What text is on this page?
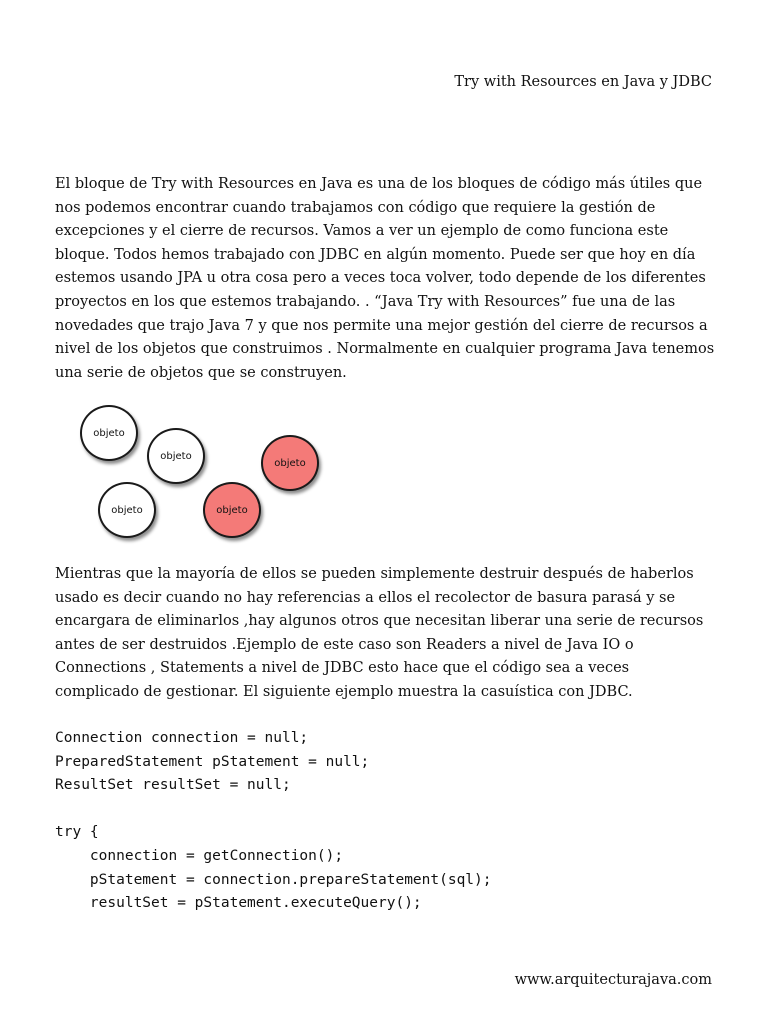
Try with Resources en Java y JDBC

El bloque de Try with Resources en Java es una de los bloques de código más útiles que nos podemos encontrar cuando trabajamos con código que requiere la gestión de excepciones y el cierre de recursos. Vamos a ver un ejemplo de como funciona este bloque. Todos hemos trabajado con JDBC en algún momento. Puede ser que hoy en día estemos usando JPA u otra cosa pero a veces toca volver, todo depende de los diferentes proyectos en los que estemos trabajando. . “Java Try with Resources” fue una de las novedades que trajo Java 7 y que nos permite una mejor gestión del cierre de recursos a nivel de los objetos que construimos . Normalmente en cualquier programa Java tenemos una serie de objetos que se construyen.

objeto
objeto
objeto
objeto	objeto

Mientras que la mayoría de ellos se pueden simplemente destruir después de haberlos usado es decir cuando no hay referencias a ellos el recolector de basura parasá y se encargara de eliminarlos ,hay algunos otros que necesitan liberar una serie de recursos antes de ser destruidos .Ejemplo de este caso son Readers a nivel de Java IO o Connections , Statements a nivel de JDBC esto hace que el código sea a veces complicado de gestionar. El siguiente ejemplo muestra la casuística con JDBC.

Connection connection = null;
PreparedStatement pStatement = null;
ResultSet resultSet = null;
try {
connection = getConnection();
pStatement = connection.prepareStatement(sql);
resultSet = pStatement.executeQuery();
www.arquitecturajava.com
